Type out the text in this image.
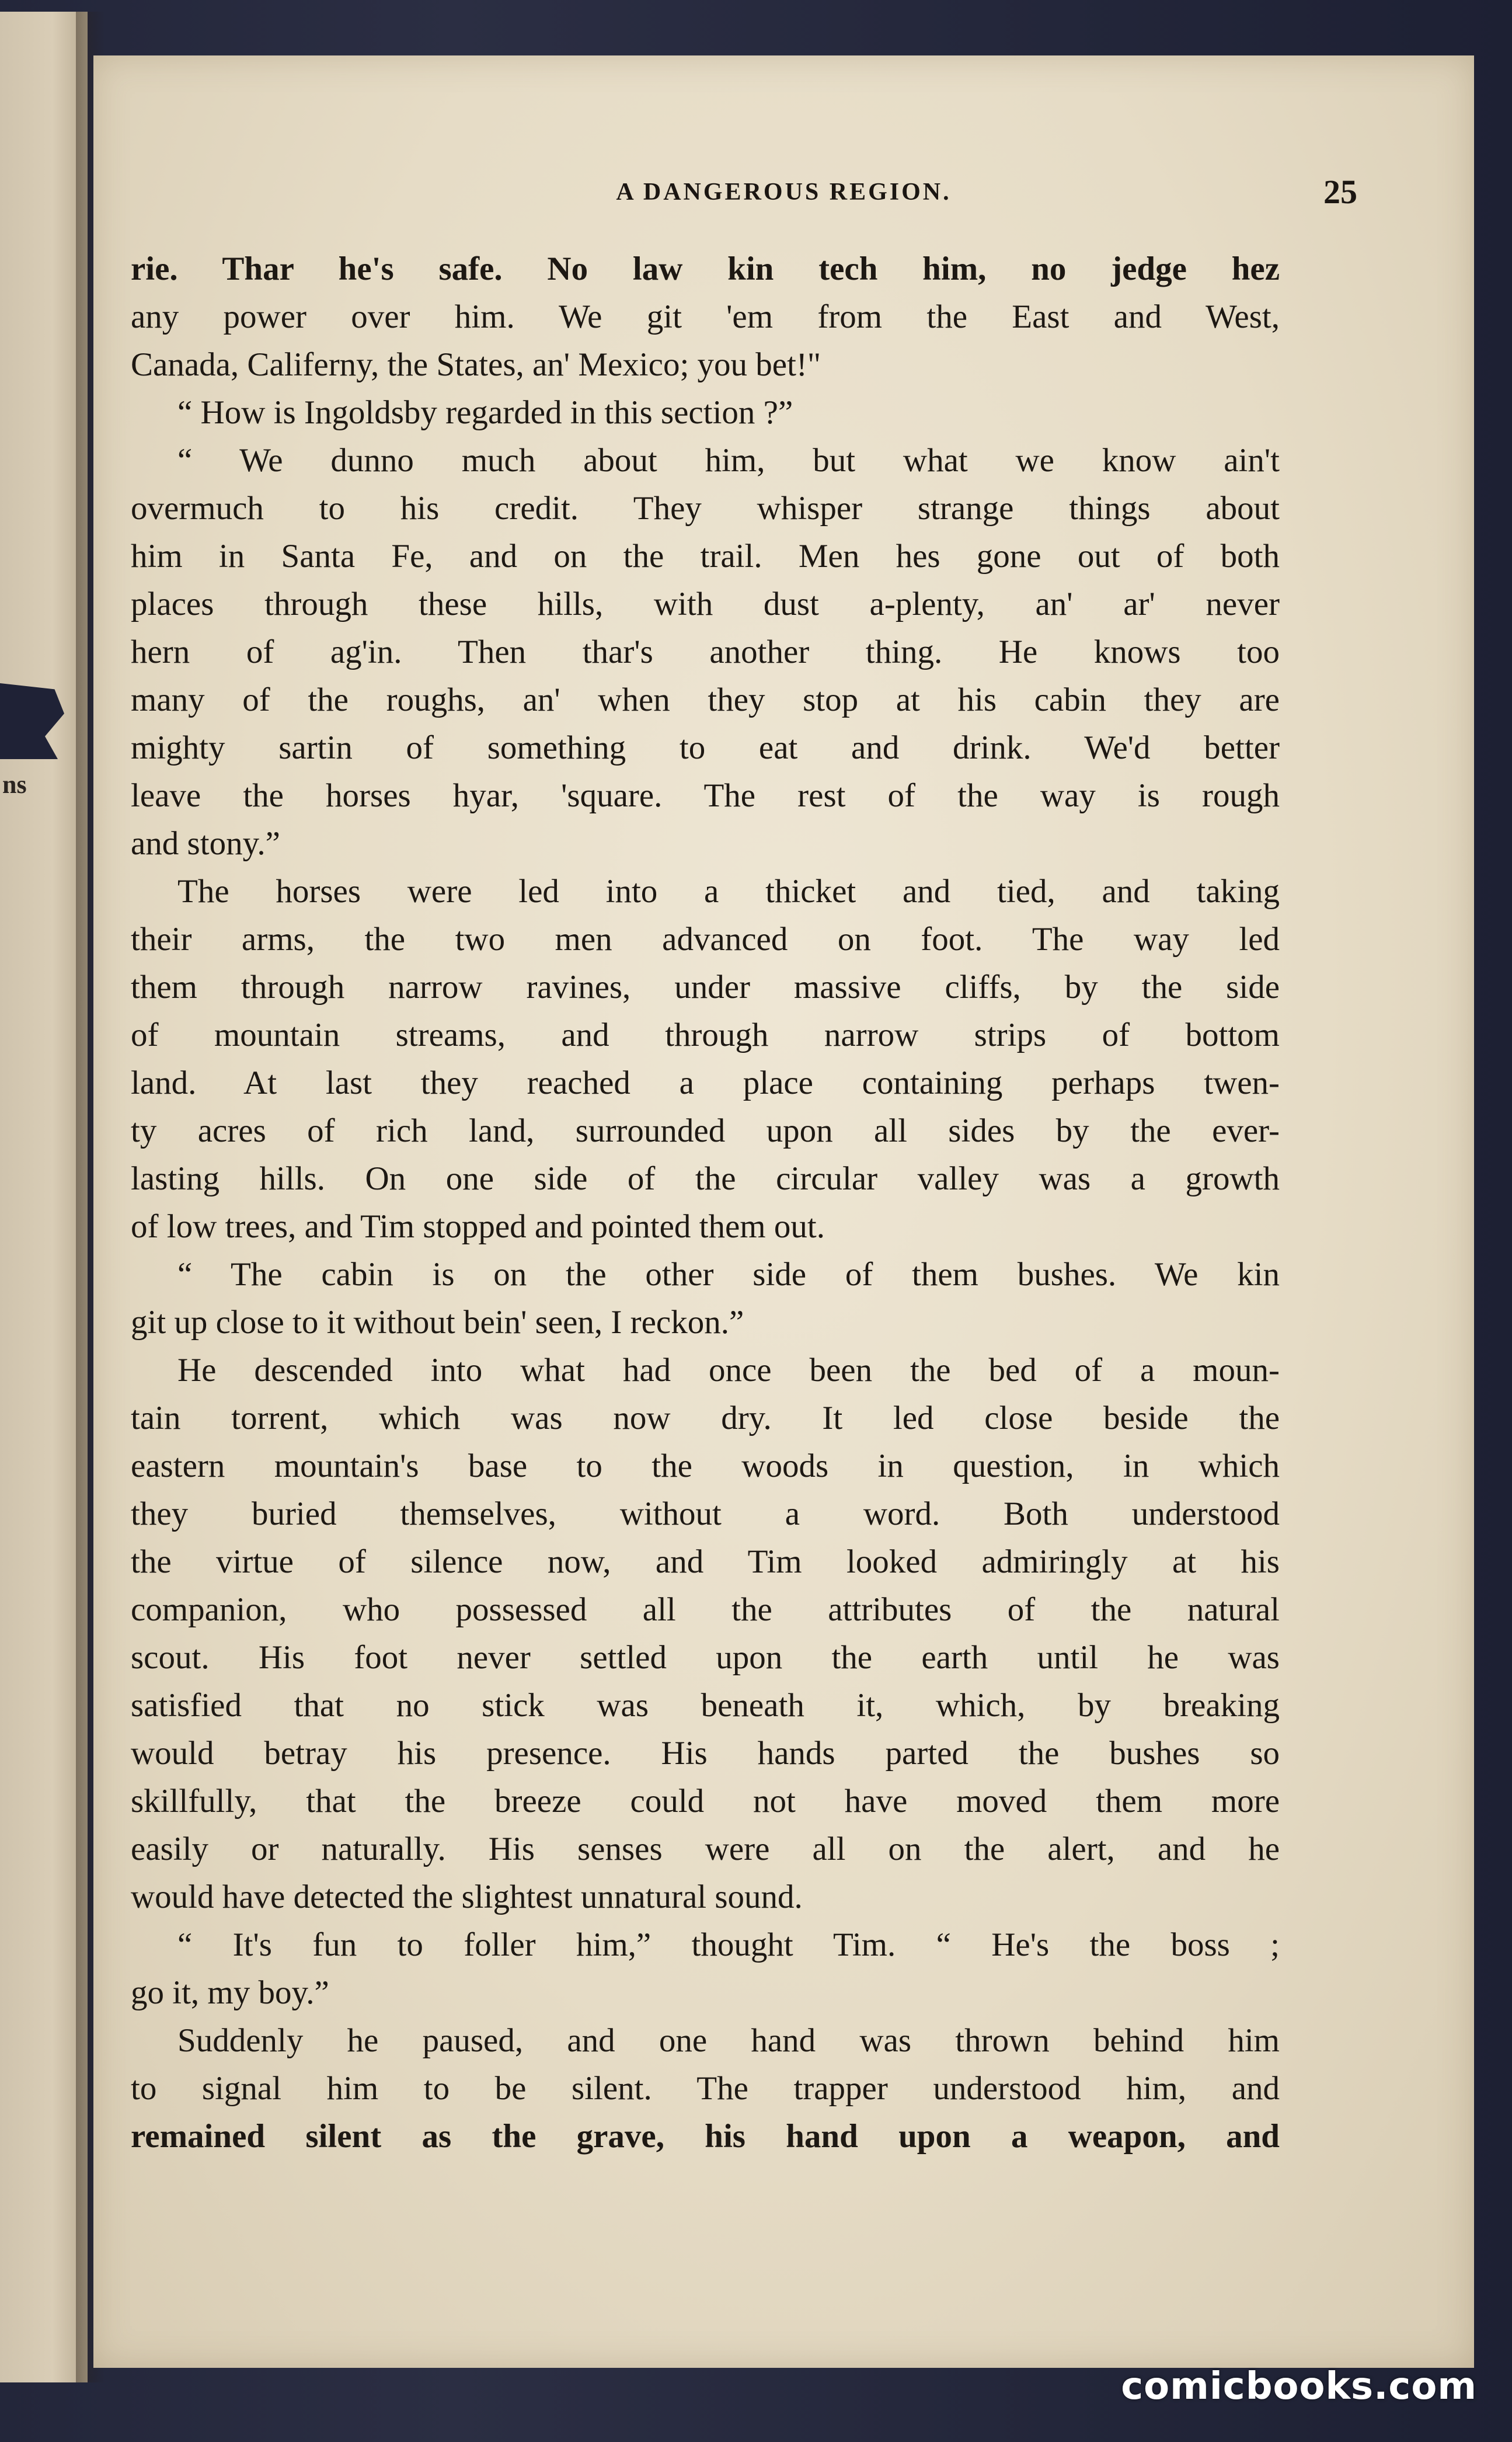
ns
A DANGEROUS REGION.	25
rie. Thar he's safe. No law kin tech him, no jedge hez
any power over him. We git 'em from the East and West,
Canada, Califerny, the States, an' Mexico; you bet!"
“ How is Ingoldsby regarded in this section ?”
“ We dunno much about him, but what we know ain't
overmuch to his credit. They whisper strange things about
him in Santa Fe, and on the trail. Men hes gone out of both
places through these hills, with dust a-plenty, an' ar' never
hern of ag'in. Then thar's another thing. He knows too
many of the roughs, an' when they stop at his cabin they are
mighty sartin of something to eat and drink. We'd better
leave the horses hyar, 'square. The rest of the way is rough
and stony.”
The horses were led into a thicket and tied, and taking
their arms, the two men advanced on foot. The way led
them through narrow ravines, under massive cliffs, by the side
of mountain streams, and through narrow strips of bottom
land. At last they reached a place containing perhaps twen-
ty acres of rich land, surrounded upon all sides by the ever-
lasting hills. On one side of the circular valley was a growth
of low trees, and Tim stopped and pointed them out.
“ The cabin is on the other side of them bushes. We kin
git up close to it without bein' seen, I reckon.”
He descended into what had once been the bed of a moun-
tain torrent, which was now dry. It led close beside the
eastern mountain's base to the woods in question, in which
they buried themselves, without a word. Both understood
the virtue of silence now, and Tim looked admiringly at his
companion, who possessed all the attributes of the natural
scout. His foot never settled upon the earth until he was
satisfied that no stick was beneath it, which, by breaking
would betray his presence. His hands parted the bushes so
skillfully, that the breeze could not have moved them more
easily or naturally. His senses were all on the alert, and he
would have detected the slightest unnatural sound.
“ It's fun to foller him,” thought Tim. “ He's the boss ;
go it, my boy.”
Suddenly he paused, and one hand was thrown behind him
to signal him to be silent. The trapper understood him, and
remained silent as the grave, his hand upon a weapon, and
comicbooks.com
